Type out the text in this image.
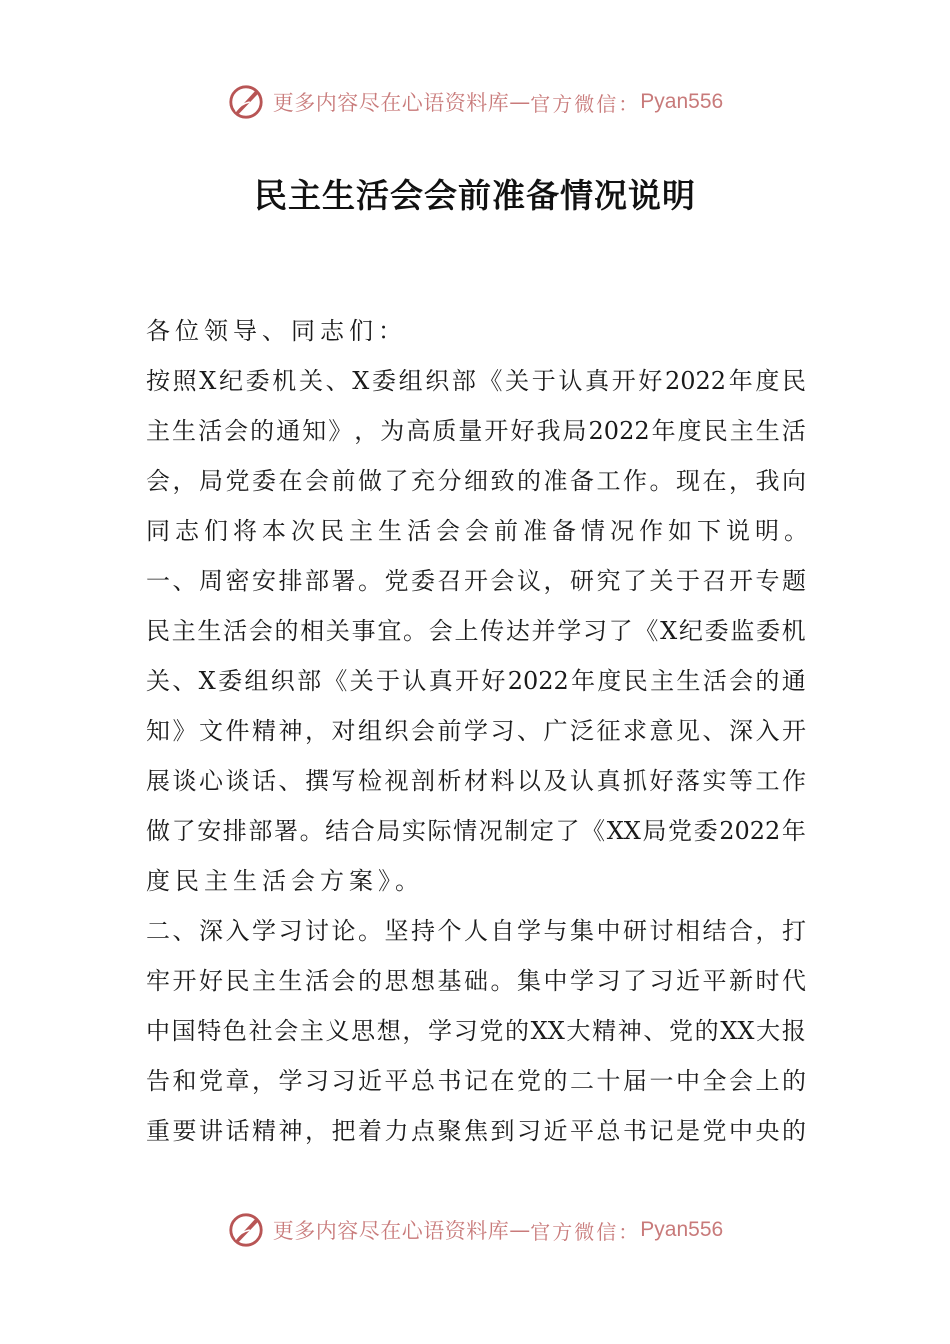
更多内容尽在心语资料库 — 官方微信： Pyan556
民主生活会会前准备情况说明
各位领导、同志们：
按 照 X 纪 委 机 关 、 X 委 组 织 部 《 关 于 认 真 开 好 2022 年 度 民
主 生 活 会 的 通 知 》 ， 为 高 质 量 开 好 我 局 2022 年 度 民 主 生 活
会 ， 局 党 委 在 会 前 做 了 充 分 细 致 的 准 备 工 作 。 现 在 ， 我 向
同志们将本次民主生活会会前准备情况作如下说明。
一 、 周 密 安 排 部 署 。 党 委 召 开 会 议 ， 研 究 了 关 于 召 开 专 题
民 主 生 活 会 的 相 关 事 宜 。 会 上 传 达 并 学 习 了 《 X 纪 委 监 委 机
关 、 X 委 组 织 部 《 关 于 认 真 开 好 2022 年 度 民 主 生 活 会 的 通
知 》 文 件 精 神 ， 对 组 织 会 前 学 习 、 广 泛 征 求 意 见 、 深 入 开
展 谈 心 谈 话 、 撰 写 检 视 剖 析 材 料 以 及 认 真 抓 好 落 实 等 工 作
做 了 安 排 部 署 。 结 合 局 实 际 情 况 制 定 了 《 XX 局 党 委 2022 年
度民主生活会方案》。
二 、 深 入 学 习 讨 论 。 坚 持 个 人 自 学 与 集 中 研 讨 相 结 合 ， 打
牢 开 好 民 主 生 活 会 的 思 想 基 础 。 集 中 学 习 了 习 近 平 新 时 代
中 国 特 色 社 会 主 义 思 想 ， 学 习 党 的 XX 大 精 神 、 党 的 XX 大 报
告 和 党 章 ， 学 习 习 近 平 总 书 记 在 党 的 二 十 届 一 中 全 会 上 的
重 要 讲 话 精 神 ， 把 着 力 点 聚 焦 到 习 近 平 总 书 记 是 党 中 央 的
更多内容尽在心语资料库 — 官方微信： Pyan556
